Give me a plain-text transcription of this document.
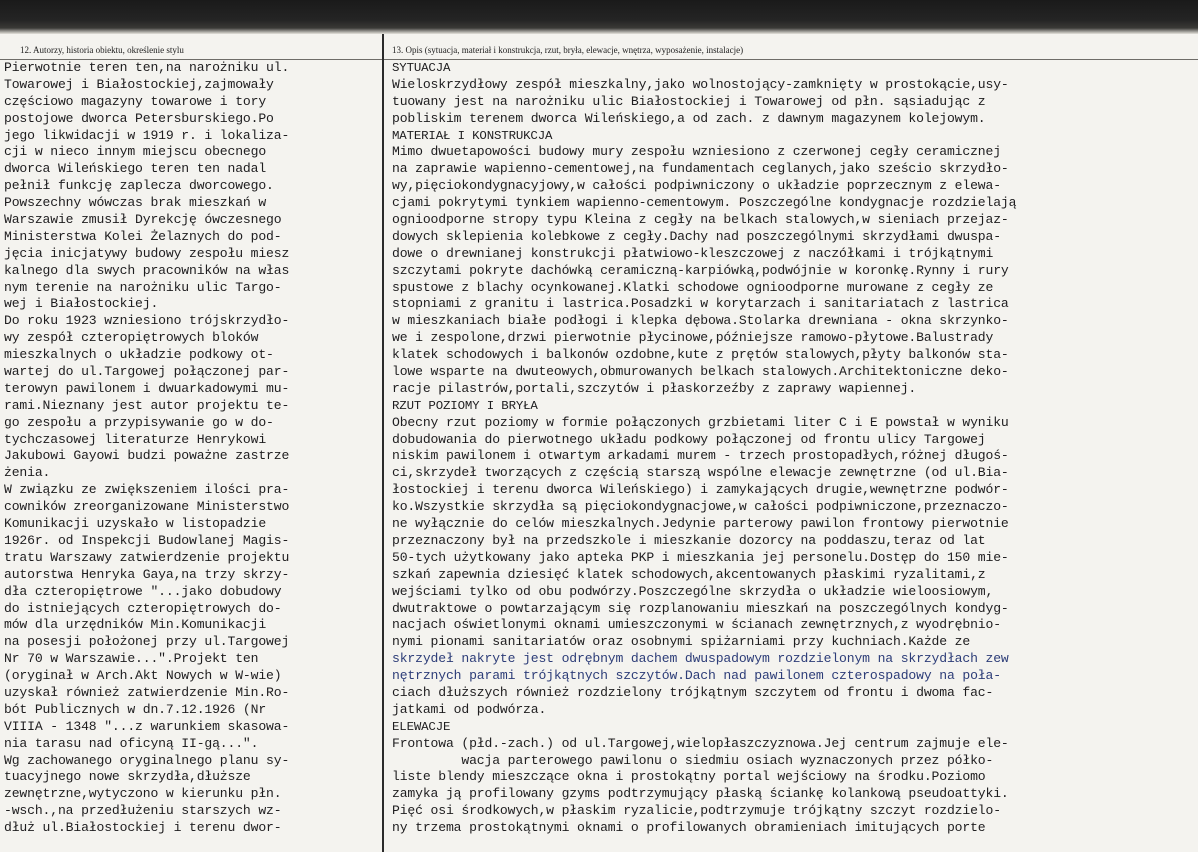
12. Autorzy, historia obiektu, określenie stylu	13. Opis (sytuacja, materiał i konstrukcja, rzut, bryła, elewacje, wnętrza, wyposażenie, instalacje)
Pierwotnie teren ten,na narożniku ul.
Towarowej i Białostockiej,zajmowały
częściowo magazyny towarowe i tory
postojowe dworca Petersburskiego.Po
jego likwidacji w 1919 r. i lokaliza-
cji w nieco innym miejscu obecnego
dworca Wileńskiego teren ten nadal
pełnił funkcję zaplecza dworcowego.
Powszechny wówczas brak mieszkań w
Warszawie zmusił Dyrekcję ówczesnego
Ministerstwa Kolei Żelaznych do pod-
jęcia inicjatywy budowy zespołu miesz
kalnego dla swych pracowników na włas
nym terenie na narożniku ulic Targo-
wej i Białostockiej.
Do roku 1923 wzniesiono trójskrzydło-
wy zespół czteropiętrowych bloków
mieszkalnych o układzie podkowy ot-
wartej do ul.Targowej połączonej par-
terowyn pawilonem i dwuarkadowymi mu-
rami.Nieznany jest autor projektu te-
go zespołu a przypisywanie go w do-
tychczasowej literaturze Henrykowi
Jakubowi Gayowi budzi poważne zastrze
żenia.
W związku ze zwiększeniem ilości pra-
cowników zreorganizowane Ministerstwo
Komunikacji uzyskało w listopadzie
1926r. od Inspekcji Budowlanej Magis-
tratu Warszawy zatwierdzenie projektu
autorstwa Henryka Gaya,na trzy skrzy-
dła czteropiętrowe "...jako dobudowy
do istniejących czteropiętrowych do-
mów dla urzędników Min.Komunikacji
na posesji położonej przy ul.Targowej
Nr 70 w Warszawie...".Projekt ten
(oryginał w Arch.Akt Nowych w W-wie)
uzyskał również zatwierdzenie Min.Ro-
bót Publicznych w dn.7.12.1926 (Nr
VIIIA - 1348 "...z warunkiem skasowa-
nia tarasu nad oficyną II-gą...".
Wg zachowanego oryginalnego planu sy-
tuacyjnego nowe skrzydła,dłuższe
zewnętrzne,wytyczono w kierunku płn.
-wsch.,na przedłużeniu starszych wz-
dłuż ul.Białostockiej i terenu dwor-
SYTUACJA
Wieloskrzydłowy zespół mieszkalny,jako wolnostojący-zamknięty w prostokącie,usy-
tuowany jest na narożniku ulic Białostockiej i Towarowej od płn. sąsiadując z
pobliskim terenem dworca Wileńskiego,a od zach. z dawnym magazynem kolejowym.
MATERIAŁ I KONSTRUKCJA
Mimo dwuetapowości budowy mury zespołu wzniesiono z czerwonej cegły ceramicznej
na zaprawie wapienno-cementowej,na fundamentach ceglanych,jako sześcio skrzydło-
wy,pięciokondygnacyjowy,w całości podpiwniczony o układzie poprzecznym z elewa-
cjami pokrytymi tynkiem wapienno-cementowym. Poszczególne kondygnacje rozdzielają
ognioodporne stropy typu Kleina z cegły na belkach stalowych,w sieniach przejaz-
dowych sklepienia kolebkowe z cegły.Dachy nad poszczególnymi skrzydłami dwuspa-
dowe o drewnianej konstrukcji płatwiowo-kleszczowej z naczółkami i trójkątnymi
szczytami pokryte dachówką ceramiczną-karpiówką,podwójnie w koronkę.Rynny i rury
spustowe z blachy ocynkowanej.Klatki schodowe ognioodporne murowane z cegły ze
stopniami z granitu i lastrica.Posadzki w korytarzach i sanitariatach z lastrica
w mieszkaniach białe podłogi i klepka dębowa.Stolarka drewniana - okna skrzynko-
we i zespolone,drzwi pierwotnie płycinowe,późniejsze ramowo-płytowe.Balustrady
klatek schodowych i balkonów ozdobne,kute z prętów stalowych,płyty balkonów sta-
lowe wsparte na dwuteowych,obmurowanych belkach stalowych.Architektoniczne deko-
racje pilastrów,portali,szczytów i płaskorzeźby z zaprawy wapiennej.
RZUT POZIOMY I BRYŁA
Obecny rzut poziomy w formie połączonych grzbietami liter C i E powstał w wyniku
dobudowania do pierwotnego układu podkowy połączonej od frontu ulicy Targowej
niskim pawilonem i otwartym arkadami murem - trzech prostopadłych,różnej długoś-
ci,skrzydeł tworzących z częścią starszą wspólne elewacje zewnętrzne (od ul.Bia-
łostockiej i terenu dworca Wileńskiego) i zamykających drugie,wewnętrzne podwór-
ko.Wszystkie skrzydła są pięciokondygnacjowe,w całości podpiwniczone,przeznaczo-
ne wyłącznie do celów mieszkalnych.Jedynie parterowy pawilon frontowy pierwotnie
przeznaczony był na przedszkole i mieszkanie dozorcy na poddaszu,teraz od lat
50-tych użytkowany jako apteka PKP i mieszkania jej personelu.Dostęp do 150 mie-
szkań zapewnia dziesięć klatek schodowych,akcentowanych płaskimi ryzalitami,z
wejściami tylko od obu podwórzy.Poszczególne skrzydła o układzie wieloosiowym,
dwutraktowe o powtarzającym się rozplanowaniu mieszkań na poszczególnych kondyg-
nacjach oświetlonymi oknami umieszczonymi w ścianach zewnętrznych,z wyodrębnio-
nymi pionami sanitariatów oraz osobnymi spiżarniami przy kuchniach.Każde ze
skrzydeł nakryte jest odrębnym dachem dwuspadowym rozdzielonym na skrzydłach zew
nętrznych parami trójkątnych szczytów.Dach nad pawilonem czterospadowy na poła-
ciach dłuższych również rozdzielony trójkątnym szczytem od frontu i dwoma fac-
jatkami od podwórza.
ELEWACJE
Frontowa (płd.-zach.) od ul.Targowej,wielopłaszczyznowa.Jej centrum zajmuje ele-
wacja parterowego pawilonu o siedmiu osiach wyznaczonych przez półko-
liste blendy mieszczące okna i prostokątny portal wejściowy na środku.Poziomo
zamyka ją profilowany gzyms podtrzymujący płaską ściankę kolankową pseudoattyki.
Pięć osi środkowych,w płaskim ryzalicie,podtrzymuje trójkątny szczyt rozdzielo-
ny trzema prostokątnymi oknami o profilowanych obramieniach imitujących porte
